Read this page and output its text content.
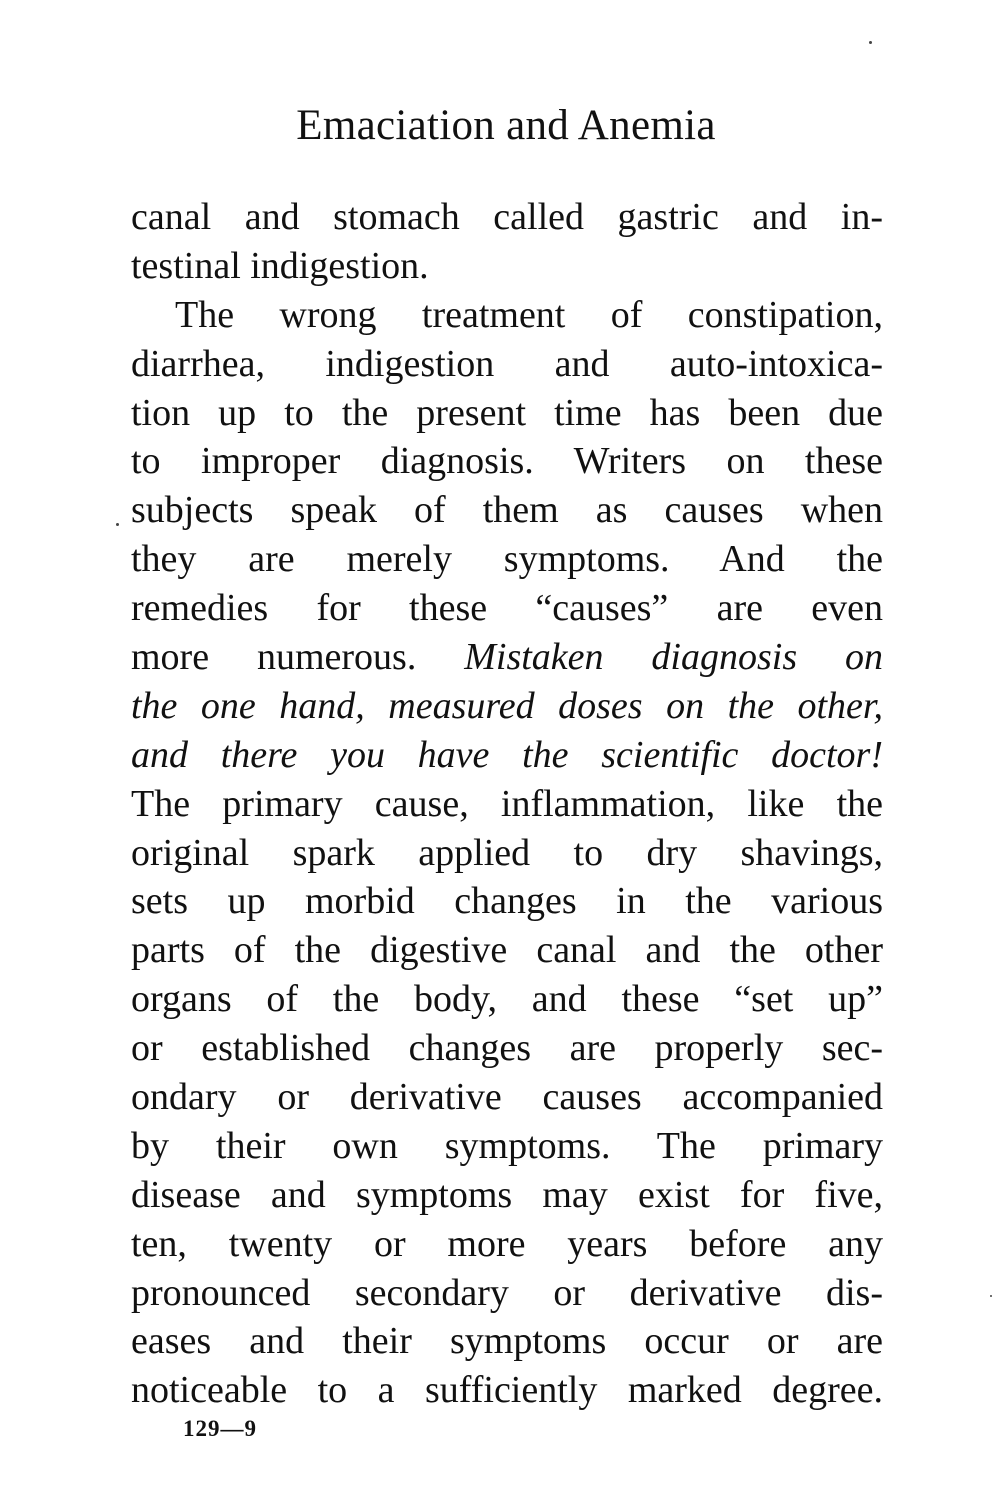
Emaciation and Anemia
canal and stomach called gastric and in-
testinal indigestion.
The wrong treatment of constipation,
diarrhea, indigestion and auto-intoxica-
tion up to the present time has been due
to improper diagnosis. Writers on these
subjects speak of them as causes when
they are merely symptoms. And the
remedies for these “causes” are even
more numerous. Mistaken diagnosis on
the one hand, measured doses on the other,
and there you have the scientific doctor!
The primary cause, inflammation, like the
original spark applied to dry shavings,
sets up morbid changes in the various
parts of the digestive canal and the other
organs of the body, and these “set up”
or established changes are properly sec-
ondary or derivative causes accompanied
by their own symptoms. The primary
disease and symptoms may exist for five,
ten, twenty or more years before any
pronounced secondary or derivative dis-
eases and their symptoms occur or are
noticeable to a sufficiently marked degree.
129—9
